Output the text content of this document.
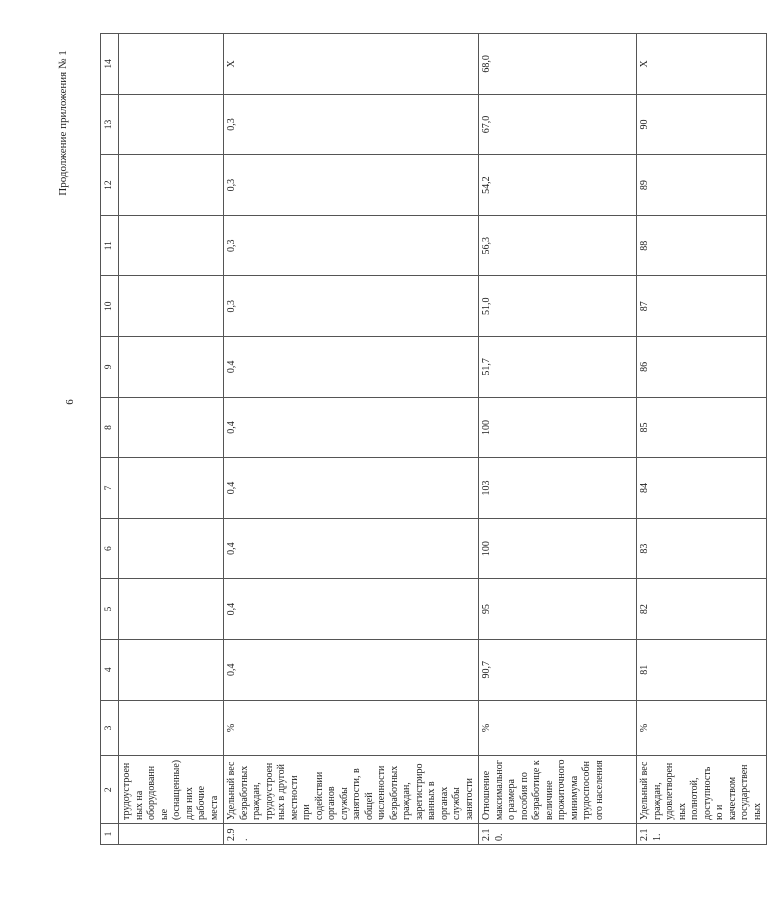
6
Продолжение приложения № 1
1	2	3	4	5	6	7	8	9	10	11	12	13	14
	трудоустроенных на оборудованные (оснащенные) для них рабочие места												
2.9.	Удельный вес безработных граждан, трудоустроенных в другой местности при содействии органов службы занятости, в общей численности безработных граждан, зарегистрированных в органах службы занятости	%	0,4	0,4	0,4	0,4	0,4	0,4	0,3	0,3	0,3	0,3	Х
2.10.	Отношение максимального размера пособия по безработице к величине прожиточного минимума трудоспособного населения	%	90,7	95	100	103	100	51,7	51,0	56,3	54,2	67,0	68,0
2.11.	Удельный вес граждан, удовлетворенных полнотой, доступностью и качеством государственных	%	81	82	83	84	85	86	87	88	89	90	Х
